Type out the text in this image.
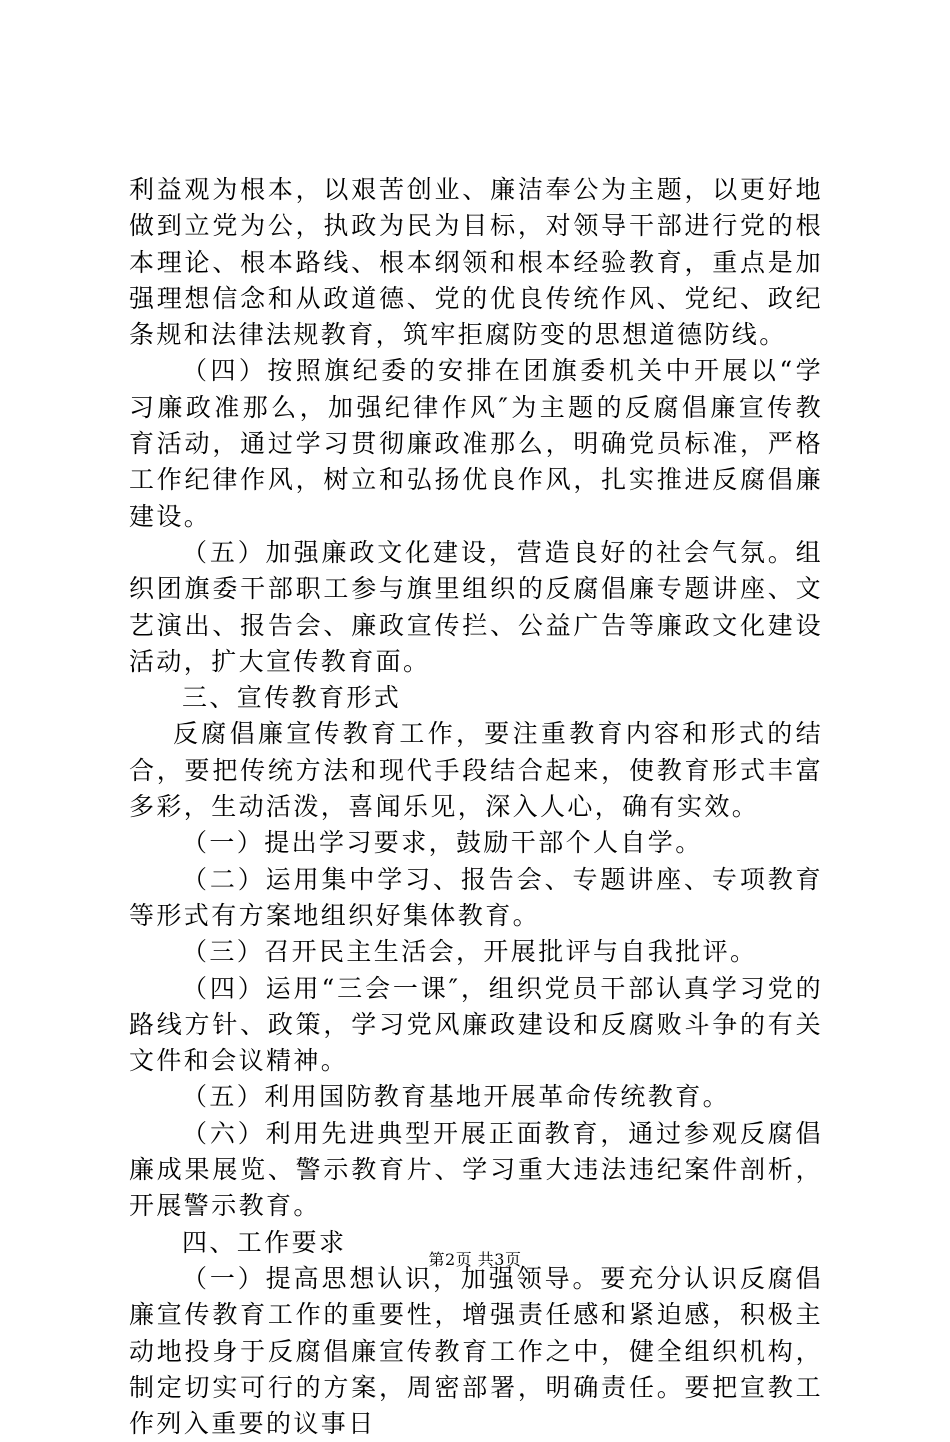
利益观为根本，以艰苦创业、廉洁奉公为主题，以更好地做到立党为公，执政为民为目标，对领导干部进行党的根本理论、根本路线、根本纲领和根本经验教育，重点是加强理想信念和从政道德、党的优良传统作风、党纪、政纪条规和法律法规教育，筑牢拒腐防变的思想道德防线。

（四）按照旗纪委的安排在团旗委机关中开展以“学习廉政准那么，加强纪律作风″为主题的反腐倡廉宣传教育活动，通过学习贯彻廉政准那么，明确党员标准，严格工作纪律作风，树立和弘扬优良作风，扎实推进反腐倡廉建设。

（五）加强廉政文化建设，营造良好的社会气氛。组织团旗委干部职工参与旗里组织的反腐倡廉专题讲座、文艺演出、报告会、廉政宣传拦、公益广告等廉政文化建设活动，扩大宣传教育面。

三、宣传教育形式

反腐倡廉宣传教育工作，要注重教育内容和形式的结合，要把传统方法和现代手段结合起来，使教育形式丰富多彩，生动活泼，喜闻乐见，深入人心，确有实效。

（一）提出学习要求，鼓励干部个人自学。

（二）运用集中学习、报告会、专题讲座、专项教育等形式有方案地组织好集体教育。

（三）召开民主生活会，开展批评与自我批评。

（四）运用“三会一课″，组织党员干部认真学习党的路线方针、政策，学习党风廉政建设和反腐败斗争的有关文件和会议精神。

（五）利用国防教育基地开展革命传统教育。

（六）利用先进典型开展正面教育，通过参观反腐倡廉成果展览、警示教育片、学习重大违法违纪案件剖析，开展警示教育。

四、工作要求

（一）提高思想认识，加强领导。要充分认识反腐倡廉宣传教育工作的重要性，增强责任感和紧迫感，积极主动地投身于反腐倡廉宣传教育工作之中，健全组织机构，制定切实可行的方案，周密部署，明确责任。要把宣教工作列入重要的议事日

第2页 共3页
